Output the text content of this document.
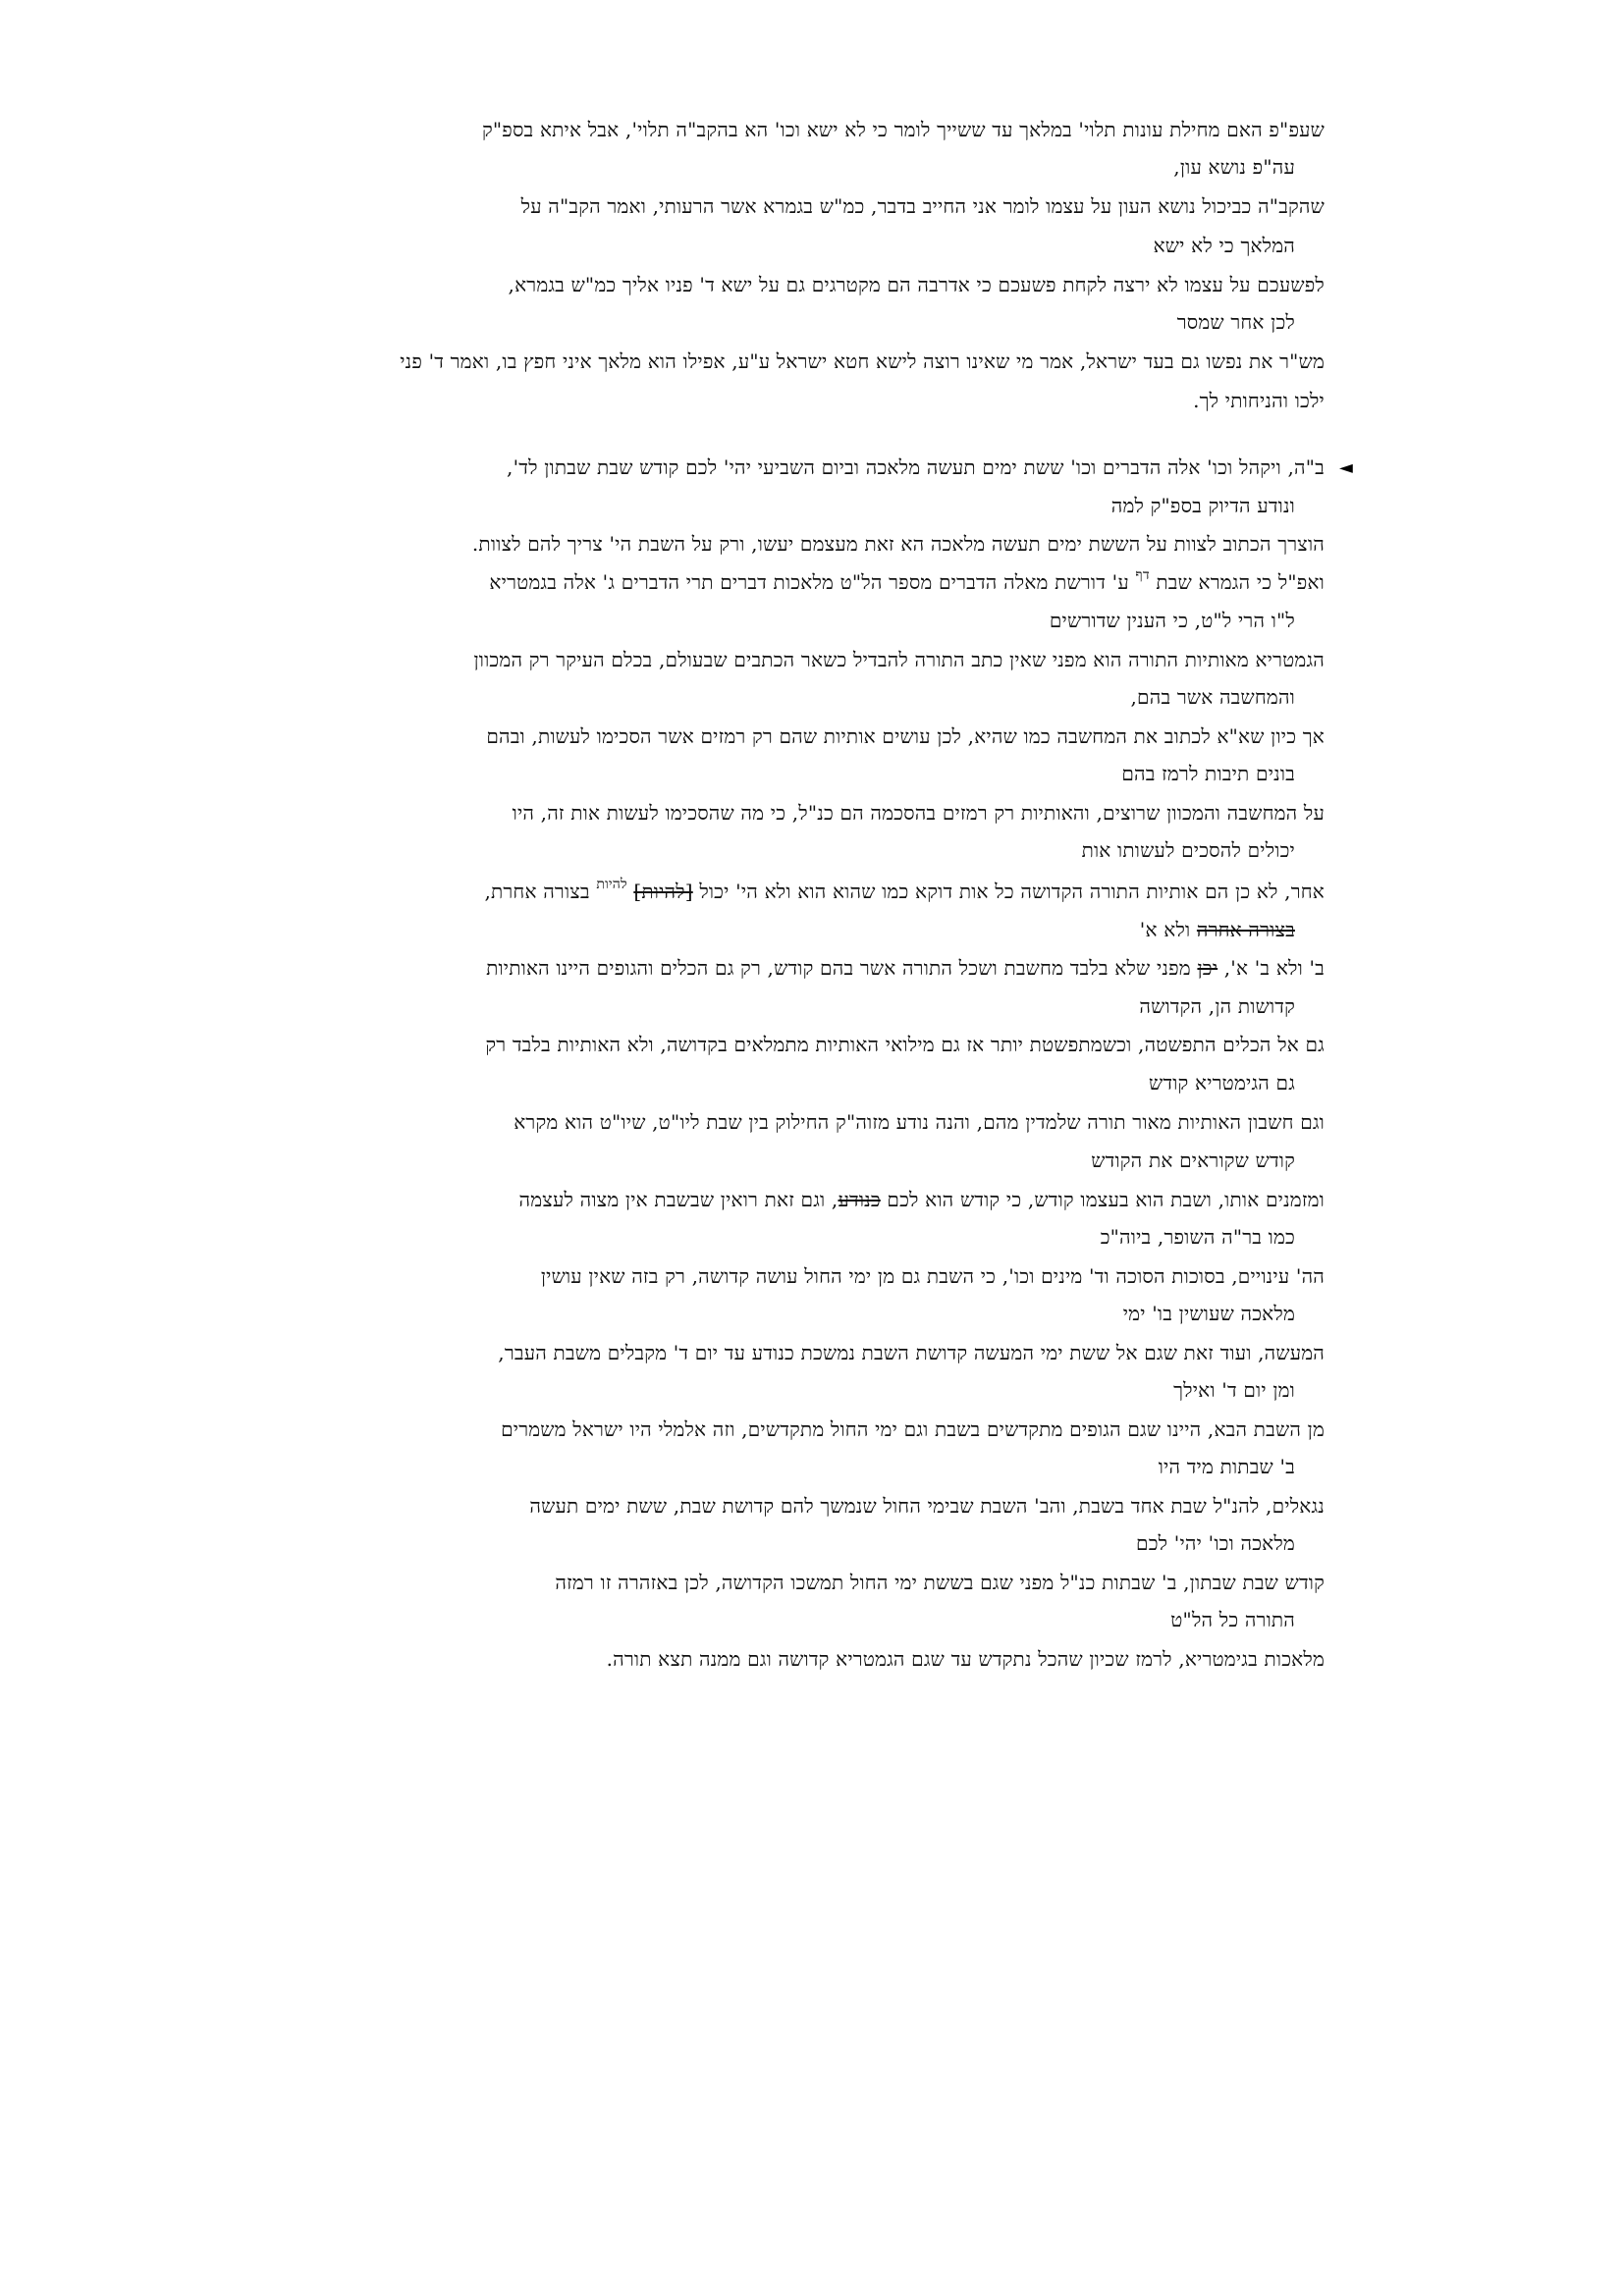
שעפ"פ האם מחילת עונות תלוי' במלאך עד ששייך לומר כי לא ישא וכו' הא בהקב"ה תלוי', אבל איתא בספ"ק
עה"פ נושא עון,
שהקב"ה כביכול נושא העון על עצמו לומר אני החייב בדבר, כמ"ש בגמרא אשר הרעותי, ואמר הקב"ה על
המלאך כי לא ישא
לפשעכם על עצמו לא ירצה לקחת פשעכם כי אדרבה הם מקטרגים גם על ישא ד' פניו אליך כמ"ש בגמרא,
לכן אחר שמסר
מש"ר את נפשו גם בעד ישראל, אמר מי שאינו רוצה לישא חטא ישראל ע"ע, אפילו הוא מלאך איני חפץ בו, ואמר ד' פני
ילכו והניחותי לך.
◄
ב"ה, ויקהל וכו' אלה הדברים וכו' ששת ימים תעשה מלאכה וביום השביעי יהי' לכם קודש שבת שבתון לד',
ונודע הדיוק בספ"ק למה
הוצרך הכתוב לצוות על הששת ימים תעשה מלאכה הא זאת מעצמם יעשו, ורק על השבת הי' צריך להם לצוות.
ואפ"ל כי הגמרא שבת $^{דף}$ ע' דורשת מאלה הדברים מספר הל"ט מלאכות דברים תרי הדברים ג' אלה בגמטריא
ל"ו הרי ל"ט, כי הענין שדורשים
הגמטריא מאותיות התורה הוא מפני שאין כתב התורה להבדיל כשאר הכתבים שבעולם, בכלם העיקר רק המכוון
והמחשבה אשר בהם,
אך כיון שא"א לכתוב את המחשבה כמו שהיא, לכן עושים אותיות שהם רק רמזים אשר הסכימו לעשות, ובהם
בונים תיבות לרמז בהם
על המחשבה והמכוון שרוצים, והאותיות רק רמזים בהסכמה הם כנ"ל, כי מה שהסכימו לעשות אות זה, היו
יכולים להסכים לעשותו אות
אחר, לא כן הם אותיות התורה הקדושה כל אות דוקא כמו שהוא הוא ולא הי' יכול [להיות] $^{להיות}$ בצורה אחרת,
בצורה אחרה ולא א'
ב' ולא ב' א', יכן מפני שלא בלבד מחשבת ושכל התורה אשר בהם קודש, רק גם הכלים והגופים היינו האותיות
קדושות הן, הקדושה
גם אל הכלים התפשטה, וכשמתפשטת יותר אז גם מילואי האותיות מתמלאים בקדושה, ולא האותיות בלבד רק
גם הגימטריא קודש
וגם חשבון האותיות מאור תורה שלמדין מהם, והנה נודע מזוה"ק החילוק בין שבת ליו"ט, שיו"ט הוא מקרא
קודש שקוראים את הקודש
ומזמנים אותו, ושבת הוא בעצמו קודש, כי קודש הוא לכם כנודע, וגם זאת רואין שבשבת אין מצוה לעצמה
כמו בר"ה השופר, ביוה"כ
הה' עינויים, בסוכות הסוכה וד' מינים וכו', כי השבת גם מן ימי החול עושה קדושה, רק בזה שאין עושין
מלאכה שעושין בו' ימי
המעשה, ועוד זאת שגם אל ששת ימי המעשה קדושת השבת נמשכת כנודע עד יום ד' מקבלים משבת העבר,
ומן יום ד' ואילך
מן השבת הבא, היינו שגם הגופים מתקדשים בשבת וגם ימי החול מתקדשים, וזה אלמלי היו ישראל משמרים
ב' שבתות מיד היו
נגאלים, להנ"ל שבת אחד בשבת, והב' השבת שבימי החול שנמשך להם קדושת שבת, ששת ימים תעשה
מלאכה וכו' יהי' לכם
קודש שבת שבתון, ב' שבתות כנ"ל מפני שגם בששת ימי החול תמשכו הקדושה, לכן באזהרה זו רמזה
התורה כל הל"ט
מלאכות בגימטריא, לרמז שכיון שהכל נתקדש עד שגם הגמטריא קדושה וגם ממנה תצא תורה.
